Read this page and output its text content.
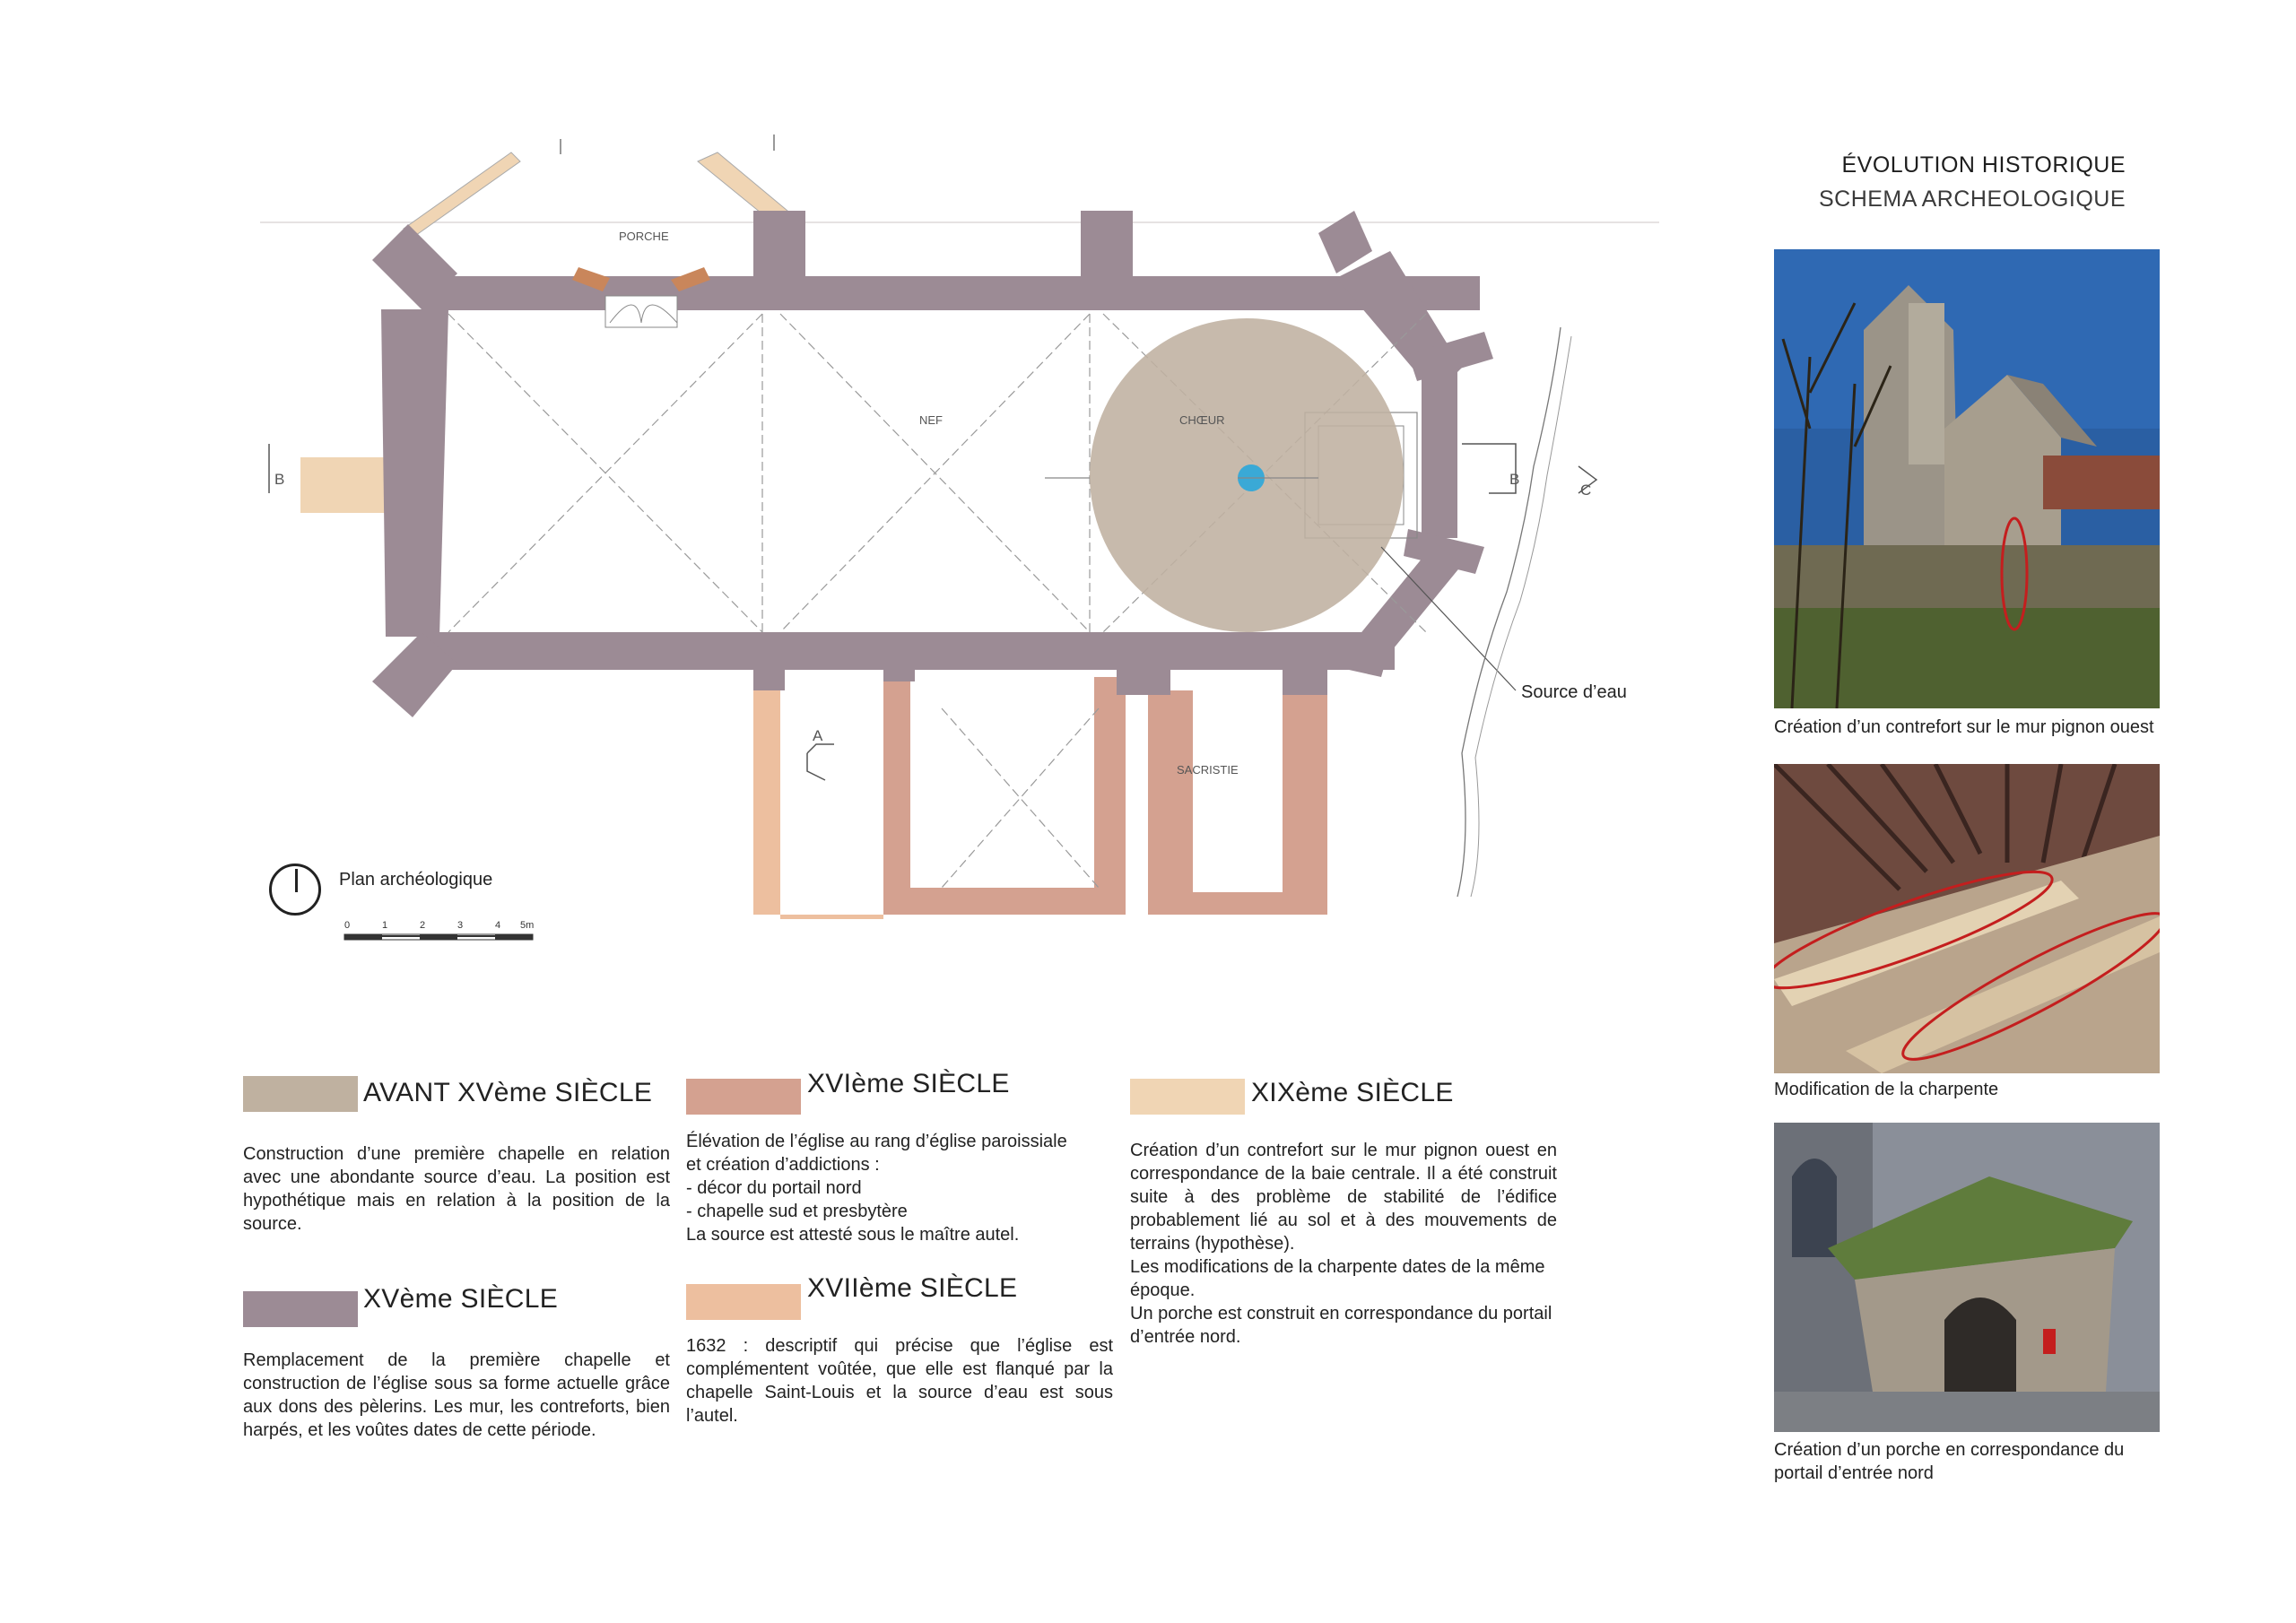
ÉVOLUTION HISTORIQUE
SCHEMA ARCHEOLOGIQUE
PORCHE
NEF	CHŒUR
SACRISTIE
B	B
C
A
Source d’eau
Plan archéologique
0	1	2	3	4 5m
AVANT XVème SIÈCLE
Construction d’une première chapelle en relation avec une abondante source d’eau. La position est hypothétique mais en relation à la position de la source.
XVème SIÈCLE
Remplacement de la première chapelle et construction de l’église sous sa forme actuelle grâce aux dons des pèlerins. Les mur, les contreforts, bien harpés, et les voûtes dates de cette période.
XVIème SIÈCLE
Élévation de l’église au rang d’église paroissiale
et création d’addictions :
- décor du portail nord
- chapelle sud et presbytère
La source est attesté sous le maître autel.
XVIIème SIÈCLE
1632 : descriptif qui précise que l’église est complémentent voûtée, que elle est flanqué par la chapelle Saint-Louis et la source d’eau est sous l’autel.
XIXème SIÈCLE
Création d’un contrefort sur le mur pignon ouest en correspondance de la baie centrale. Il a été construit suite à des problème de stabilité de l’édifice probablement lié au sol et à des mouvements de terrains (hypothèse).
Les modifications de la charpente dates de la même époque.
Un porche est construit en correspondance du portail d’entrée nord.
Création d’un contrefort sur le mur pignon ouest
Modification de la charpente
Création d’un porche en correspondance du portail d’entrée nord
